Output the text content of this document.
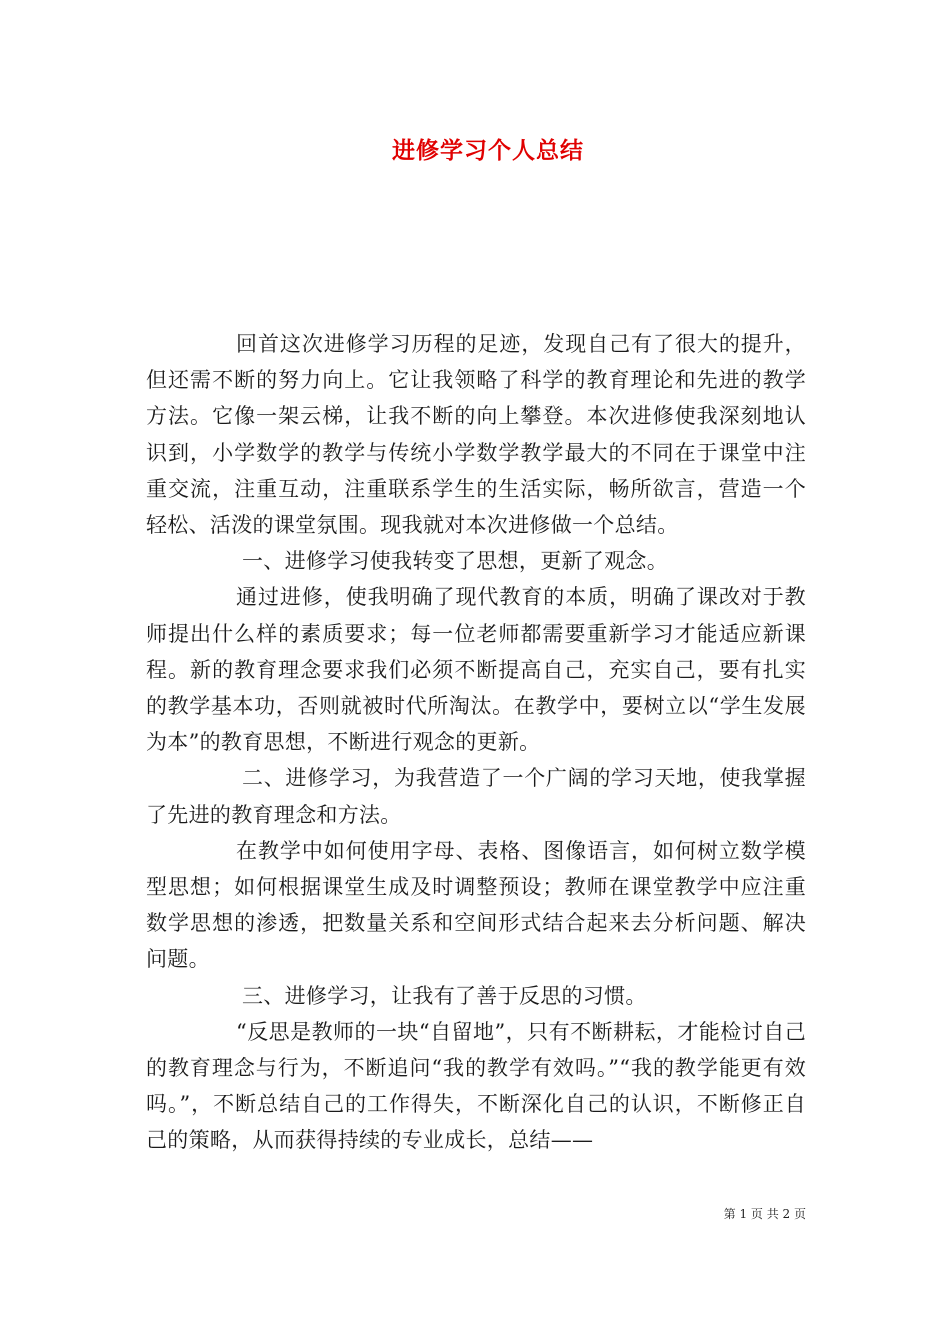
进修学习个人总结

回首这次进修学习历程的足迹，发现自己有了很大的提升，但还需不断的努力向上。它让我领略了科学的教育理论和先进的教学方法。它像一架云梯，让我不断的向上攀登。本次进修使我深刻地认识到，小学数学的教学与传统小学数学教学最大的不同在于课堂中注重交流，注重互动，注重联系学生的生活实际，畅所欲言，营造一个轻松、活泼的课堂氛围。现我就对本次进修做一个总结。

一、进修学习使我转变了思想，更新了观念。

通过进修，使我明确了现代教育的本质，明确了课改对于教师提出什么样的素质要求；每一位老师都需要重新学习才能适应新课程。新的教育理念要求我们必须不断提高自己，充实自己，要有扎实的教学基本功，否则就被时代所淘汰。在教学中，要树立以“学生发展为本”的教育思想，不断进行观念的更新。

二、进修学习，为我营造了一个广阔的学习天地，使我掌握了先进的教育理念和方法。

在教学中如何使用字母、表格、图像语言，如何树立数学模型思想；如何根据课堂生成及时调整预设；教师在课堂教学中应注重数学思想的渗透，把数量关系和空间形式结合起来去分析问题、解决问题。

三、进修学习，让我有了善于反思的习惯。

“反思是教师的一块“自留地”，只有不断耕耘，才能检讨自己的教育理念与行为，不断追问“我的教学有效吗。”“我的教学能更有效吗。”，不断总结自己的工作得失，不断深化自己的认识，不断修正自己的策略，从而获得持续的专业成长，总结——

第 1 页 共 2 页
